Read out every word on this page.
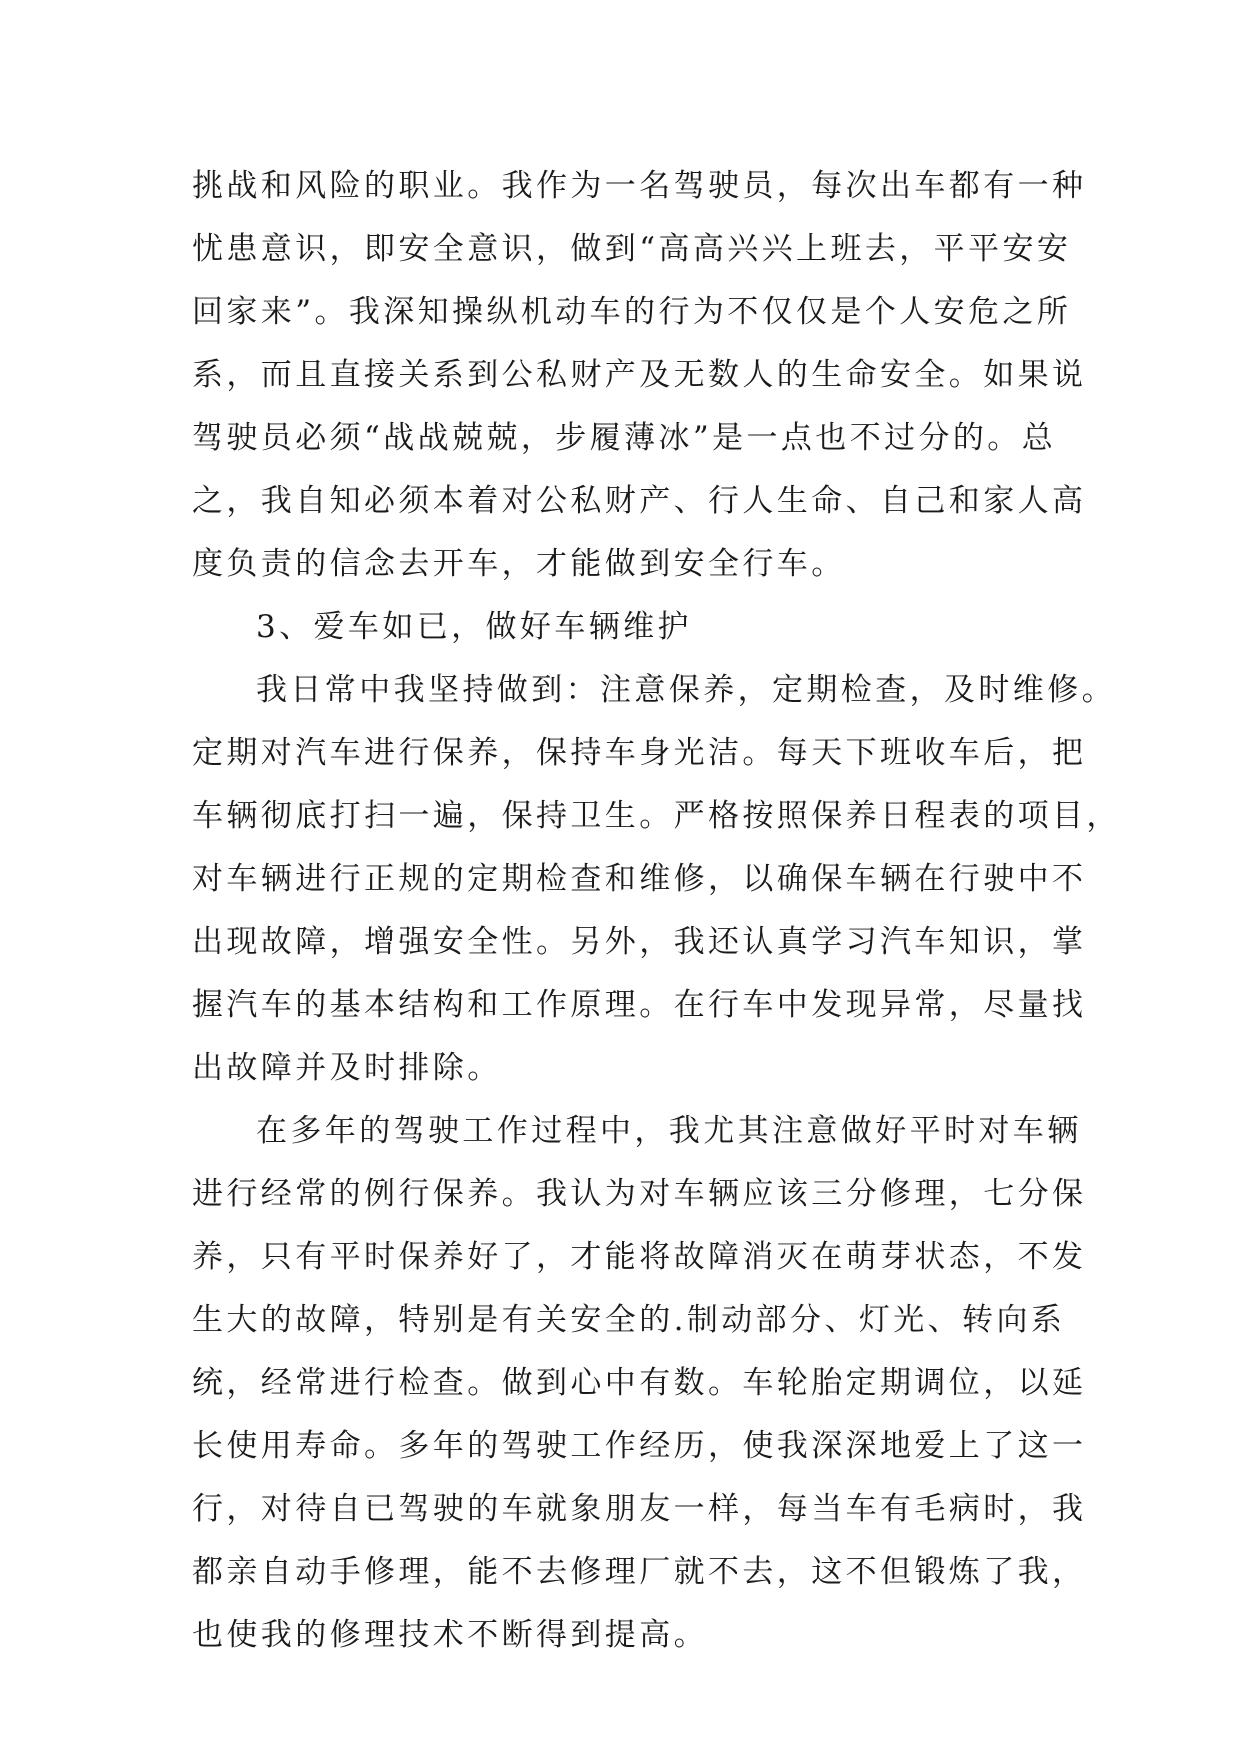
挑战和风险的职业。我作为一名驾驶员，每次出车都有一种
忧患意识，即安全意识，做到“高高兴兴上班去，平平安安
回家来”。我深知操纵机动车的行为不仅仅是个人安危之所
系，而且直接关系到公私财产及无数人的生命安全。如果说
驾驶员必须“战战兢兢，步履薄冰”是一点也不过分的。总
之，我自知必须本着对公私财产、行人生命、自己和家人高
度负责的信念去开车，才能做到安全行车。

3、爱车如已，做好车辆维护

我日常中我坚持做到：注意保养，定期检查，及时维修。
定期对汽车进行保养，保持车身光洁。每天下班收车后，把
车辆彻底打扫一遍，保持卫生。严格按照保养日程表的项目，
对车辆进行正规的定期检查和维修，以确保车辆在行驶中不
出现故障，增强安全性。另外，我还认真学习汽车知识，掌
握汽车的基本结构和工作原理。在行车中发现异常，尽量找
出故障并及时排除。

在多年的驾驶工作过程中，我尤其注意做好平时对车辆
进行经常的例行保养。我认为对车辆应该三分修理，七分保
养，只有平时保养好了，才能将故障消灭在萌芽状态，不发
生大的故障，特别是有关安全的.制动部分、灯光、转向系
统，经常进行检查。做到心中有数。车轮胎定期调位，以延
长使用寿命。多年的驾驶工作经历，使我深深地爱上了这一
行，对待自已驾驶的车就象朋友一样，每当车有毛病时，我
都亲自动手修理，能不去修理厂就不去，这不但锻炼了我，
也使我的修理技术不断得到提高。
